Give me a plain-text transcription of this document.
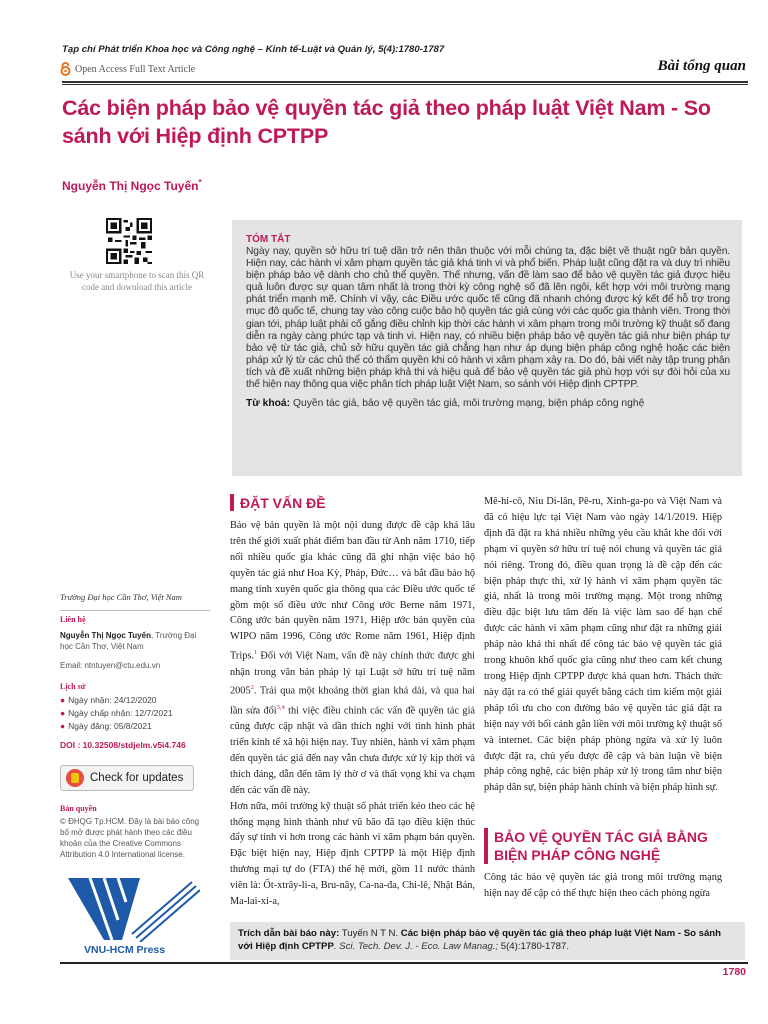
Tạp chí Phát triển Khoa học và Công nghệ – Kinh tế-Luật và Quản lý, 5(4):1780-1787
Open Access Full Text Article	Bài tổng quan
Các biện pháp bảo vệ quyền tác giả theo pháp luật Việt Nam - So sánh với Hiệp định CPTPP
Nguyễn Thị Ngọc Tuyến*
Use your smartphone to scan this QR code and download this article
TÓM TẮT
Ngày nay, quyền sở hữu trí tuệ dần trở nên thân thuộc với mỗi chúng ta, đặc biệt về thuật ngữ bản quyền. Hiện nay, các hành vi xâm phạm quyền tác giả khá tinh vi và phổ biến. Pháp luật cũng đặt ra và duy trì nhiều biện pháp bảo vệ dành cho chủ thể quyền. Thế nhưng, vấn đề làm sao để bảo vệ quyền tác giả được hiệu quả luôn được sự quan tâm nhất là trong thời kỳ công nghệ số đã lên ngôi, kết hợp với môi trường mạng phát triển mạnh mẽ. Chính vì vậy, các Điều ước quốc tế cũng đã nhanh chóng được ký kết để hỗ trợ trong mục đô quốc tế, chung tay vào công cuộc bảo hộ quyền tác giả cùng với các quốc gia thành viên. Trong thời gian tới, pháp luật phải cố gắng điều chỉnh kịp thời các hành vi xâm phạm trong môi trường kỹ thuật số đang diễn ra ngày càng phức tạp và tinh vi. Hiện nay, có nhiều biện pháp bảo vệ quyền tác giả như biện pháp tự bảo vệ từ tác giả, chủ sở hữu quyền tác giả chẳng hạn như áp dụng biện pháp công nghệ hoặc các biện pháp xử lý từ các chủ thể có thẩm quyền khi có hành vi xâm phạm xảy ra. Do đó, bài viết này tập trung phân tích và đề xuất những biện pháp khả thi và hiệu quả để bảo vệ quyền tác giả phù hợp với sự đòi hỏi của xu thế hiện nay thông qua việc phân tích pháp luật Việt Nam, so sánh với Hiệp định CPTPP.
Từ khoá: Quyền tác giả, bảo vệ quyền tác giả, môi trường mạng, biện pháp công nghệ
Trường Đại học Cần Thơ, Việt Nam
Liên hệ
Nguyễn Thị Ngọc Tuyến, Trường Đại học Cần Thơ, Việt Nam
Email: ntntuyen@ctu.edu.vn
Lịch sử
● Ngày nhận: 24/12/2020
● Ngày chấp nhận: 12/7/2021
● Ngày đăng: 05/8/2021
DOI : 10.32508/stdjelm.v5i4.746
Check for updates
Bản quyền
© ĐHQG Tp.HCM. Đây là bài báo công bố mở được phát hành theo các điều khoản của the Creative Commons Attribution 4.0 International license.
VNU-HCM Press
ĐẶT VẤN ĐỀ

Bảo vệ bản quyền là một nội dung được đề cập khá lâu trên thế giới xuất phát điểm ban đầu từ Anh năm 1710, tiếp nối nhiều quốc gia khác cũng đã ghi nhận việc bảo hộ quyền tác giả như Hoa Kỳ, Pháp, Đức… và bắt đầu bảo hộ mang tính xuyên quốc gia thông qua các Điều ước quốc tế gồm một số điều ước như Công ước Berne năm 1971, Công ước bản quyền năm 1971, Hiệp ước bản quyền của WIPO năm 1996, Công ước Rome năm 1961, Hiệp định Trips.$^1$ Đối với Việt Nam, vấn đề này chính thức được ghi nhận trong văn bản pháp lý tại Luật sở hữu trí tuệ năm 2005$^2$. Trải qua một khoảng thời gian khá dài, và qua hai lần sửa đổi$^{3,4}$ thì việc điều chỉnh các vấn đề quyền tác giả cũng được cập nhật và dần thích nghi với tình hình phát triển kinh tế xã hội hiện nay. Tuy nhiên, hành vi xâm phạm đến quyền tác giả đến nay vẫn chưa được xử lý kịp thời và thích đáng, dẫn đến tâm lý thờ ơ và thất vọng khi va chạm đến các vấn đề này.

Hơn nữa, môi trường kỹ thuật số phát triển kéo theo các hệ thống mạng hình thành như vũ bão đã tạo điều kiện thúc đẩy sự tinh vi hơn trong các hành vi xâm phạm bản quyền. Đặc biệt hiện nay, Hiệp định CPTPP là một Hiệp định thương mại tự do (FTA) thế hệ mới, gồm 11 nước thành viên là: Ốt-xtrây-li-a, Bru-nây, Ca-na-đa, Chi-lê, Nhật Bản, Ma-lai-xi-a,

Mê-hi-cô, Niu Di-lân, Pê-ru, Xinh-ga-po và Việt Nam và đã có hiệu lực tại Việt Nam vào ngày 14/1/2019. Hiệp định đã đặt ra khá nhiều những yêu cầu khắt khe đối với phạm vi quyền sở hữu trí tuệ nói chung và quyền tác giả nói riêng. Trong đó, điều quan trọng là đề cập đến các biện pháp thực thi, xử lý hành vi xâm phạm quyền tác giả, nhất là trong môi trường mạng. Một trong những điều đặc biệt lưu tâm đến là việc làm sao để hạn chế được các hành vi xâm phạm cũng như đặt ra những giải pháp nào khả thi nhất để công tác bảo vệ quyền tác giả trong khuôn khổ quốc gia cũng như theo cam kết chung trong Hiệp định CPTPP được khả quan hơn. Thách thức này đặt ra có thể giải quyết bằng cách tìm kiếm một giải pháp tối ưu cho con đường bảo vệ quyền tác giả đặt ra hiện nay với bối cảnh gắn liền với môi trường kỹ thuật số và internet. Các biện pháp phòng ngừa và xử lý luôn được đặt ra, chủ yếu được đề cập và bàn luận về biện pháp công nghệ, các biện pháp xử lý trong tâm như biện pháp dân sự, biện pháp hành chính và biện pháp hình sự.

BẢO VỆ QUYỀN TÁC GIẢ BẰNG BIỆN PHÁP CÔNG NGHỆ
Công tác bảo vệ quyền tác giả trong môi trường mạng hiện nay để cập có thể thực hiện theo cách phòng ngừa
Trích dẫn bài báo này: Tuyến N T N. Các biện pháp bảo vệ quyền tác giả theo pháp luật Việt Nam - So sánh với Hiệp định CPTPP. Sci. Tech. Dev. J. - Eco. Law Manag.; 5(4):1780-1787.
1780
